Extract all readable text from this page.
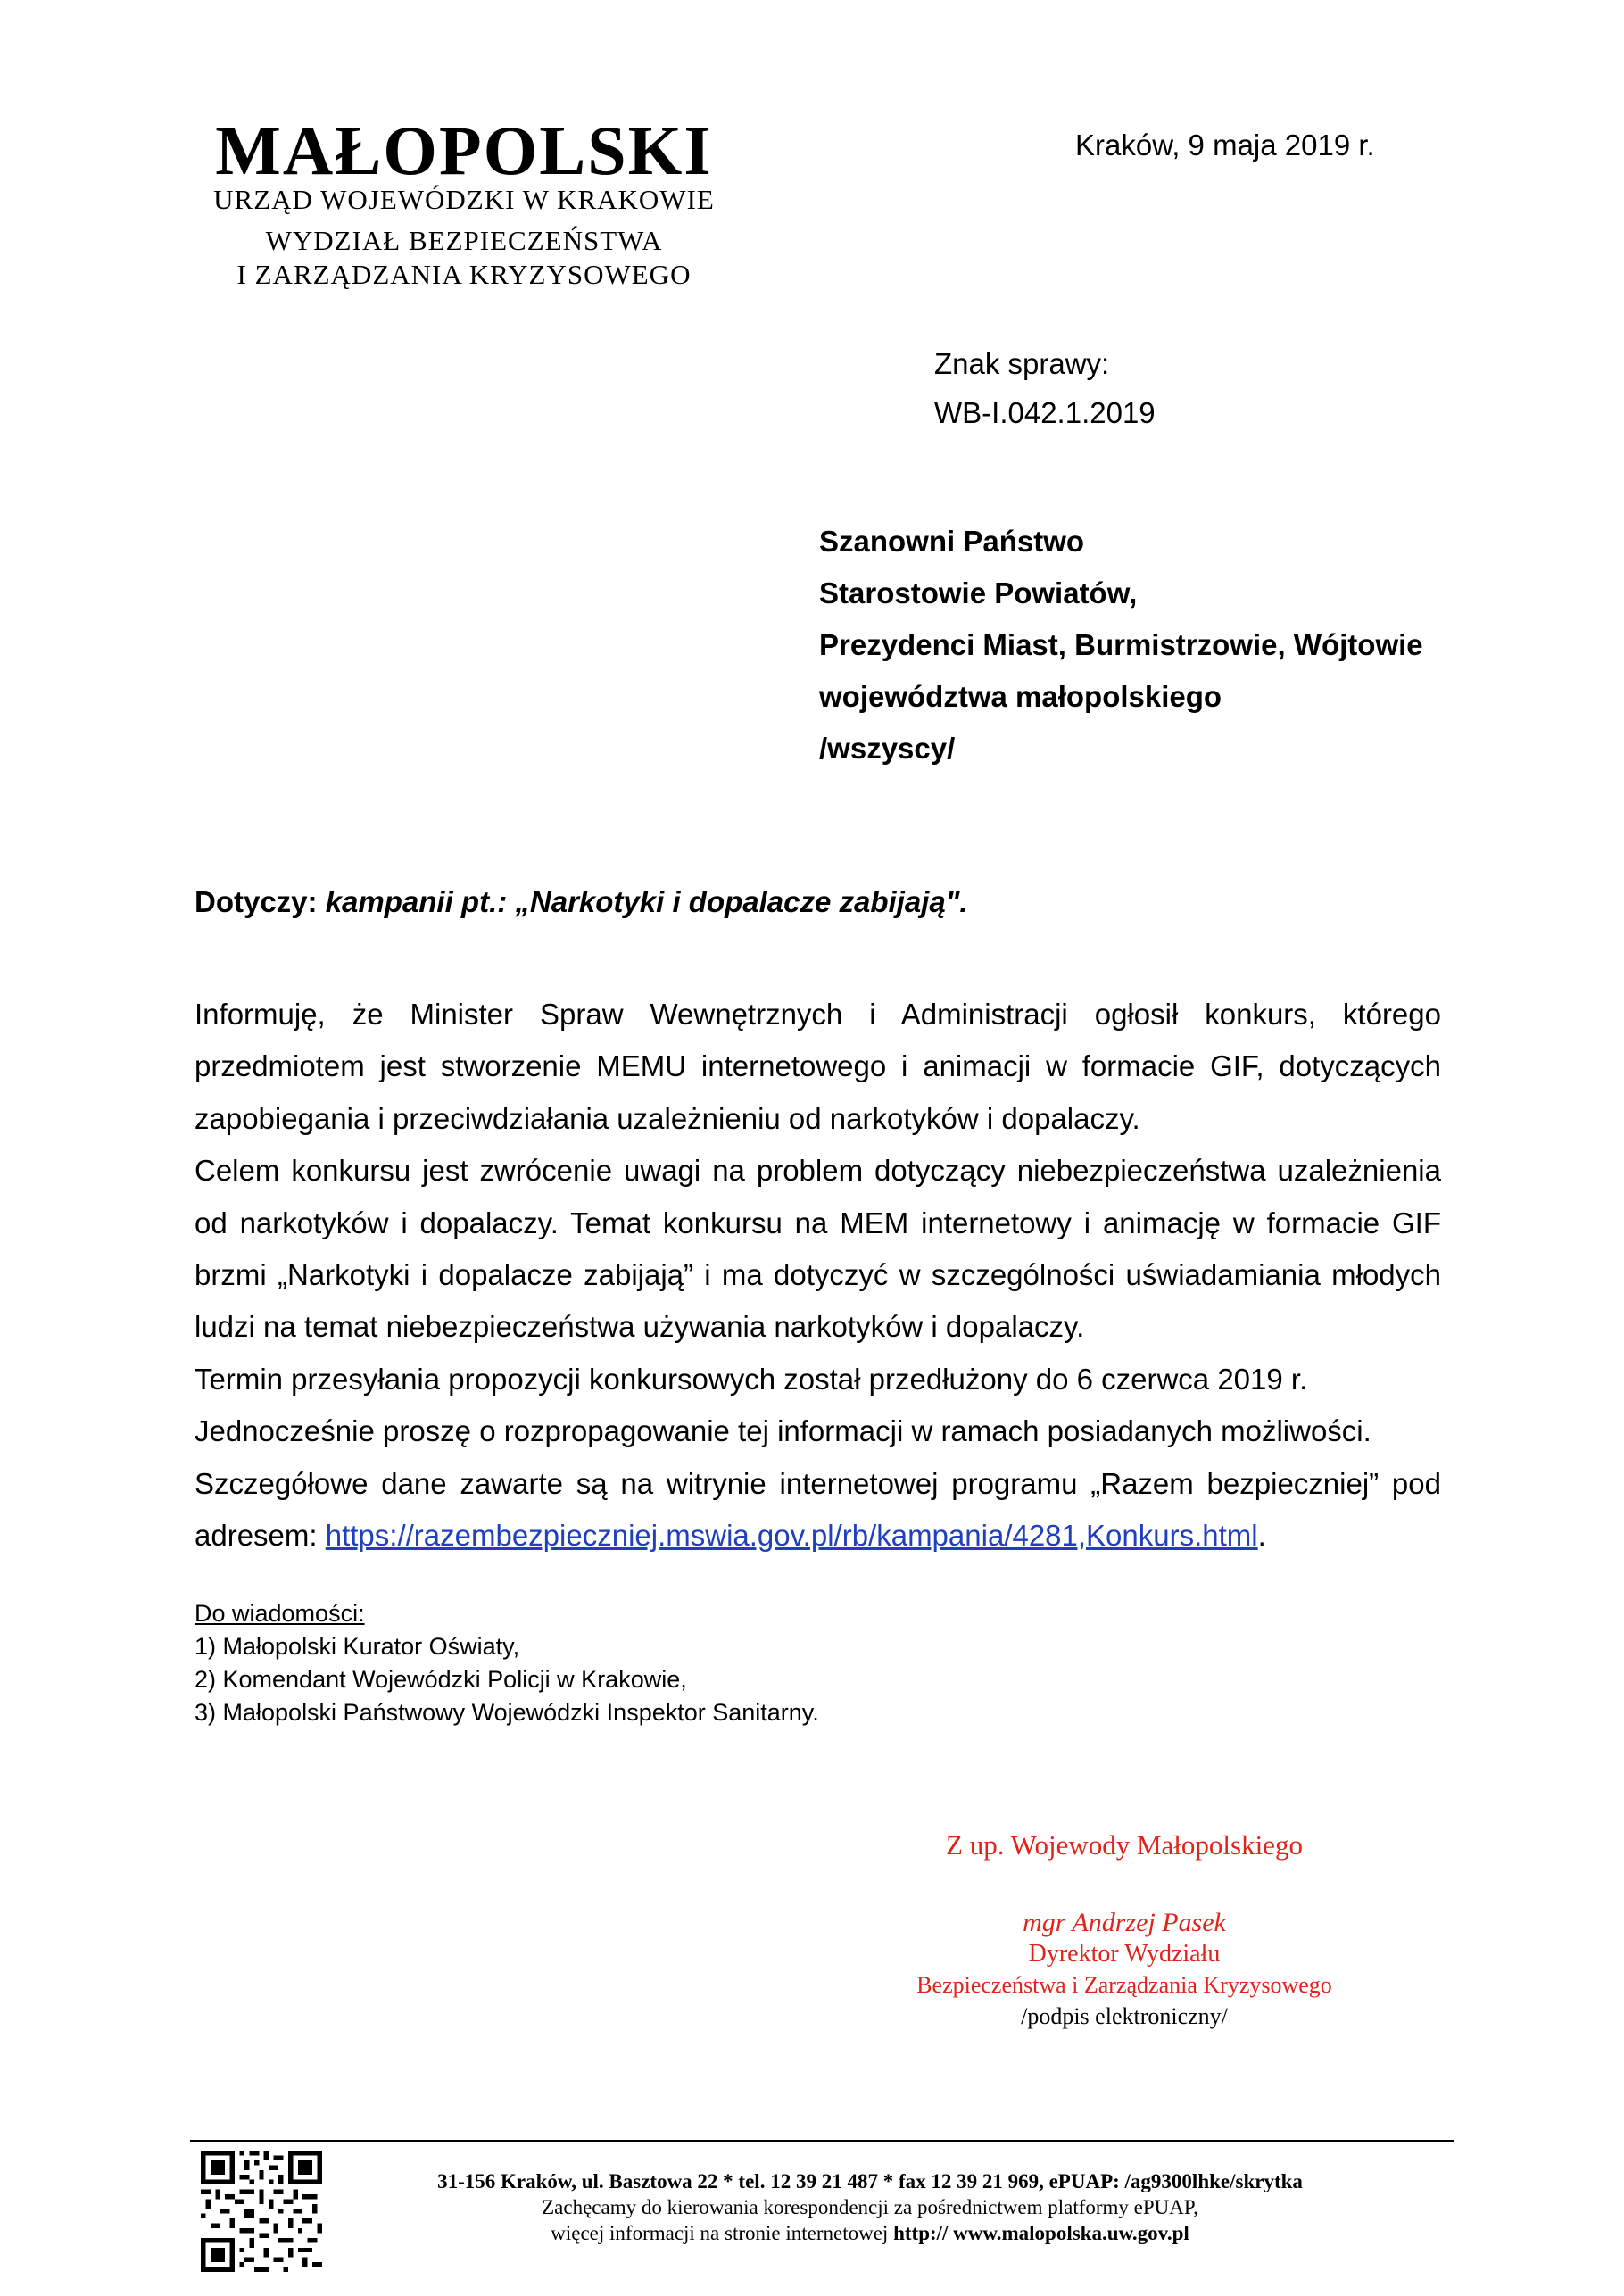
MAŁOPOLSKI
URZĄD WOJEWÓDZKI W KRAKOWIE
WYDZIAŁ BEZPIECZEŃSTWA
I ZARZĄDZANIA KRYZYSOWEGO
Kraków, 9 maja 2019 r.
Znak sprawy:
WB-I.042.1.2019
Szanowni Państwo
Starostowie Powiatów,
Prezydenci Miast, Burmistrzowie, Wójtowie
województwa małopolskiego
/wszyscy/
Dotyczy: kampanii pt.: „Narkotyki i dopalacze zabijają".

Informuję, że Minister Spraw Wewnętrznych i Administracji ogłosił konkurs, którego przedmiotem jest stworzenie MEMU internetowego i animacji w formacie GIF, dotyczących zapobiegania i przeciwdziałania uzależnieniu od narkotyków i dopalaczy.

Celem konkursu jest zwrócenie uwagi na problem dotyczący niebezpieczeństwa uzależnienia od narkotyków i dopalaczy. Temat konkursu na MEM internetowy i animację w formacie GIF brzmi „Narkotyki i dopalacze zabijają” i ma dotyczyć w szczególności uświadamiania młodych ludzi na temat niebezpieczeństwa używania narkotyków i dopalaczy.

Termin przesyłania propozycji konkursowych został przedłużony do 6 czerwca 2019 r.

Jednocześnie proszę o rozpropagowanie tej informacji w ramach posiadanych możliwości.

Szczegółowe dane zawarte są na witrynie internetowej programu „Razem bezpieczniej” pod adresem: https://razembezpieczniej.mswia.gov.pl/rb/kampania/4281,Konkurs.html.

Do wiadomości:
1) Małopolski Kurator Oświaty,
2) Komendant Wojewódzki Policji w Krakowie,
3) Małopolski Państwowy Wojewódzki Inspektor Sanitarny.
Z up. Wojewody Małopolskiego
mgr Andrzej Pasek
Dyrektor Wydziału
Bezpieczeństwa i Zarządzania Kryzysowego
/podpis elektroniczny/
31-156 Kraków, ul. Basztowa 22 * tel. 12 39 21 487 * fax 12 39 21 969, ePUAP: /ag9300lhke/skrytka
Zachęcamy do kierowania korespondencji za pośrednictwem platformy ePUAP,
więcej informacji na stronie internetowej http:// www.malopolska.uw.gov.pl
